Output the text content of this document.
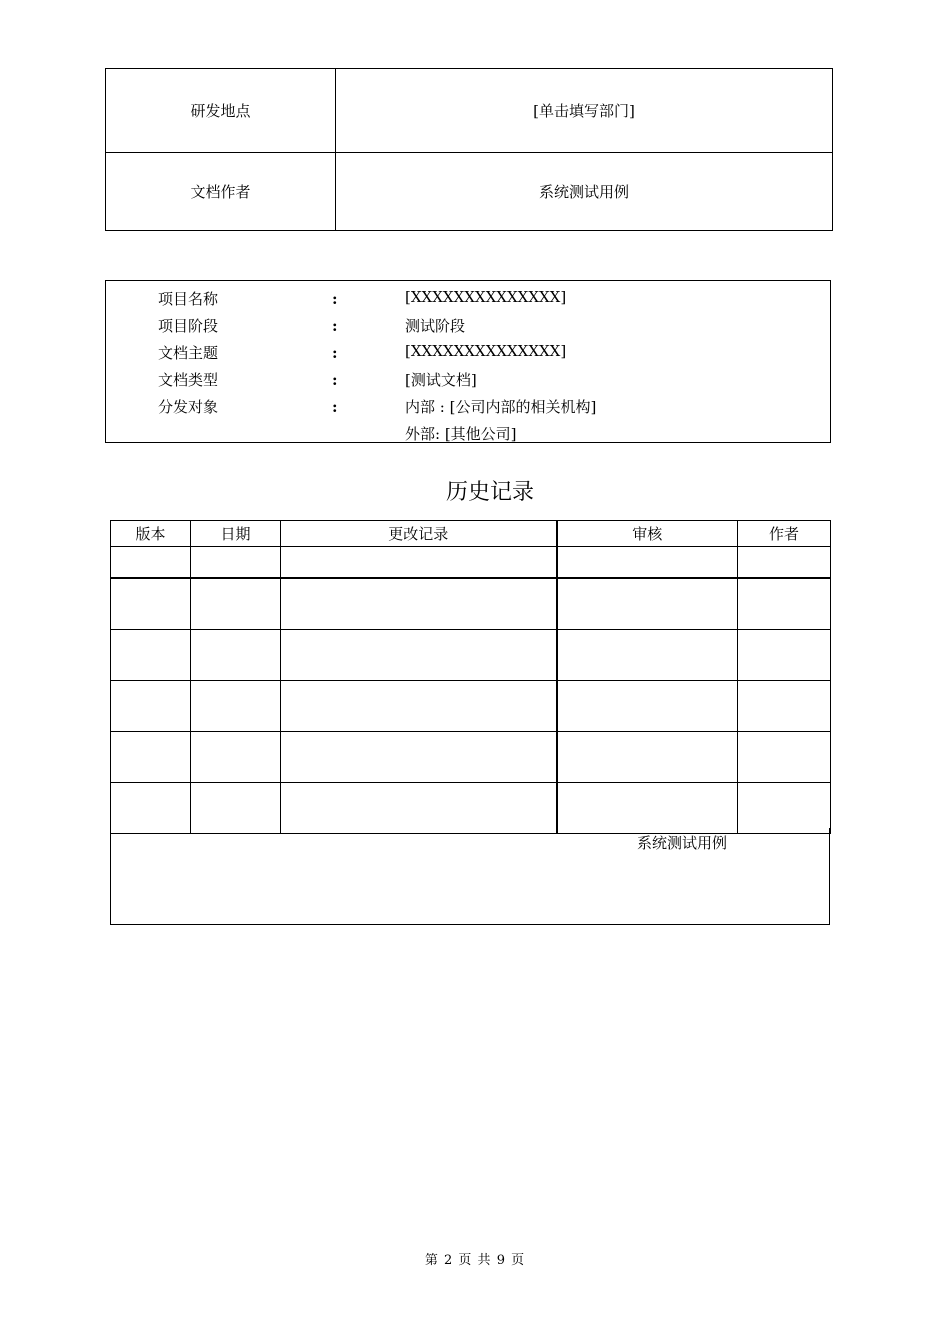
研发地点	[单击填写部门]
文档作者	系统测试用例
项目名称	:	[XXXXXXXXXXXXXX]
项目阶段	:	测试阶段
文档主题	:	[XXXXXXXXXXXXXX]
文档类型	:	[测试文档]
分发对象	:	内部 : [公司内部的相关机构]
外部: [其他公司]
历史记录
版本	日期	更改记录	审核	作者

系统测试用例
第 2 页 共 9 页
